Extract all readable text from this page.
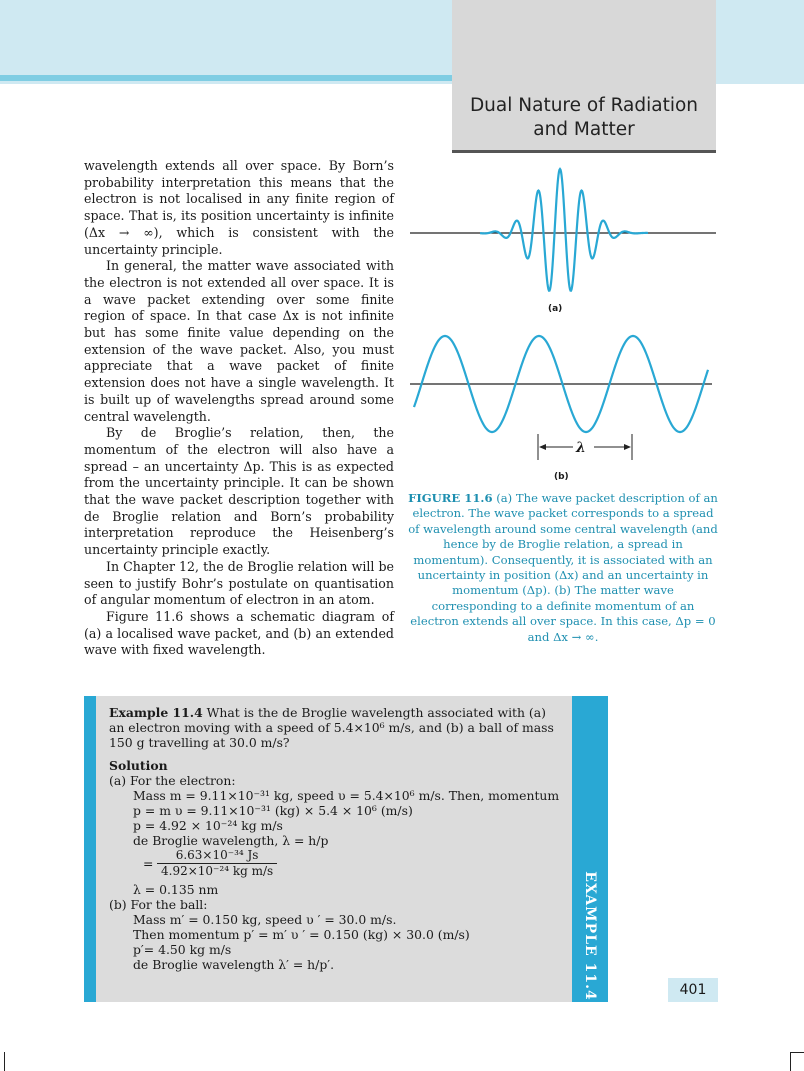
Dual Nature of Radiation
and Matter

wavelength extends all over space. By Born’s probability interpretation this means that the electron is not localised in any finite region of space. That is, its position uncertainty is infinite (Δx → ∞), which is consistent with the uncertainty principle.

In general, the matter wave associated with the electron is not extended all over space. It is a wave packet extending over some finite region of space. In that case Δx is not infinite but has some finite value depending on the extension of the wave packet. Also, you must appreciate that a wave packet of finite extension does not have a single wavelength. It is built up of wavelengths spread around some central wavelength.

By de Broglie’s relation, then, the momentum of the electron will also have a spread – an uncertainty Δp. This is as expected from the uncertainty principle. It can be shown that the wave packet description together with de Broglie relation and Born’s probability interpretation reproduce the Heisenberg’s uncertainty principle exactly.

In Chapter 12, the de Broglie relation will be seen to justify Bohr’s postulate on quantisation of angular momentum of electron in an atom.

Figure 11.6 shows a schematic diagram of (a) a localised wave packet, and (b) an extended wave with fixed wavelength.

(a)
λ
(b)
FIGURE 11.6 (a) The wave packet description of an electron. The wave packet corresponds to a spread of wavelength around some central wavelength (and hence by de Broglie relation, a spread in momentum). Consequently, it is associated with an uncertainty in position (Δx) and an uncertainty in momentum (Δp). (b) The matter wave corresponding to a definite momentum of an electron extends all over space. In this case, Δp = 0 and Δx → ∞.
EXAMPLE 11.4

Example 11.4 What is the de Broglie wavelength associated with (a) an electron moving with a speed of 5.4×10⁶ m/s, and (b) a ball of mass 150 g travelling at 30.0 m/s?

Solution

(a) For the electron:

Mass m = 9.11×10⁻³¹ kg, speed υ = 5.4×10⁶ m/s. Then, momentum

p = m υ = 9.11×10⁻³¹ (kg) × 5.4 × 10⁶ (m/s)

p = 4.92 × 10⁻²⁴ kg m/s

de Broglie wavelength, λ = h/p

= $\frac{\text{6.63×10⁻³⁴ Js}}{\text{4.92×10⁻²⁴ kg m/s}}$

λ = 0.135 nm

(b) For the ball:

Mass m′ = 0.150 kg, speed υ ′ = 30.0 m/s.

Then momentum p′ = m′ υ ′ = 0.150 (kg) × 30.0 (m/s)

p′= 4.50 kg m/s

de Broglie wavelength λ′ = h/p′.

401
